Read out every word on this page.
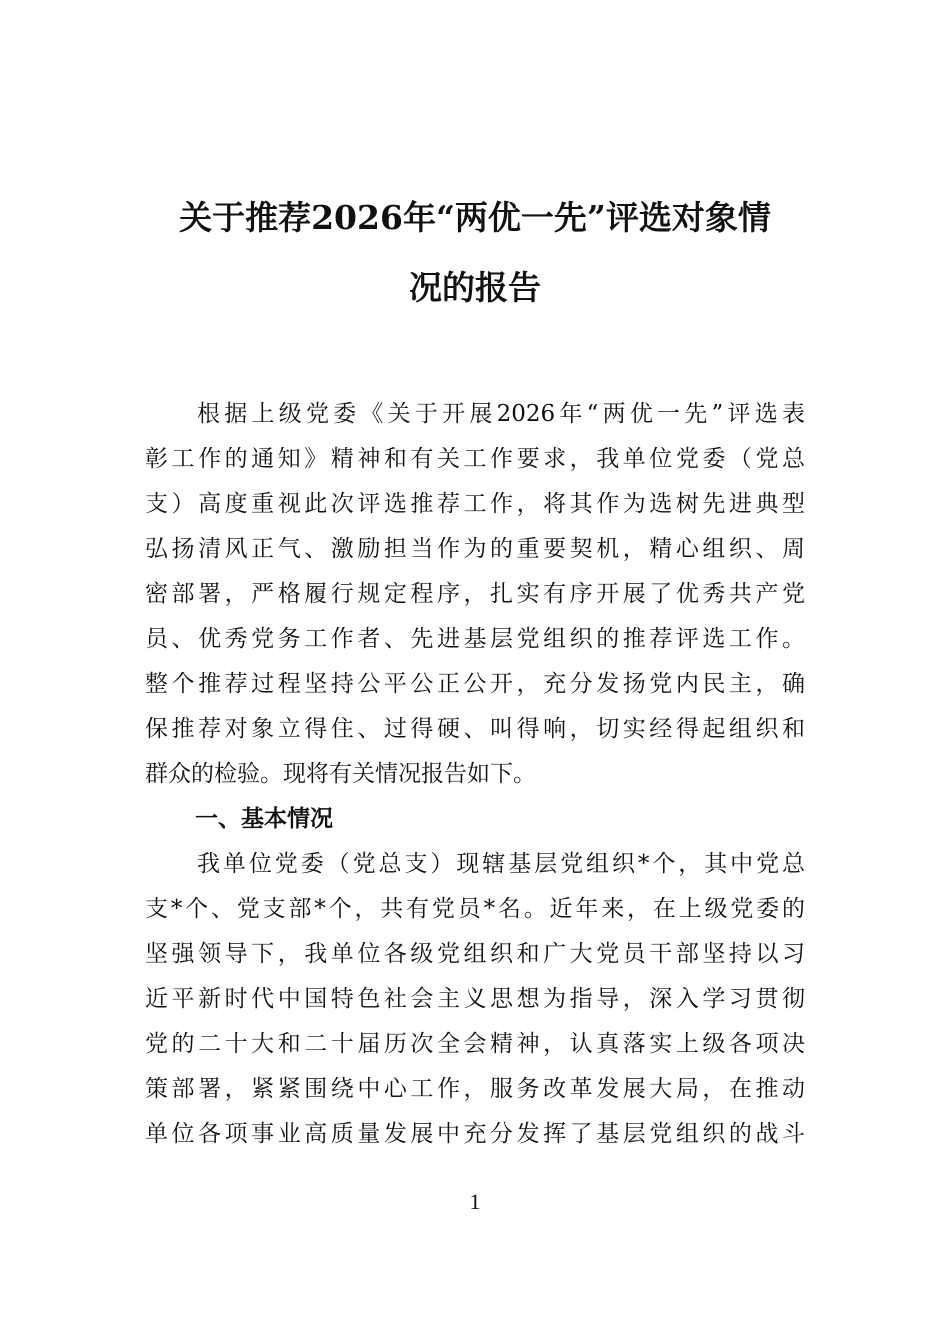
关于推荐2026年“两优一先”评选对象情
况的报告
根据上级党委《关于开展2026年“两优一先”评选表
彰工作的通知》精神和有关工作要求，我单位党委（党总
支）高度重视此次评选推荐工作，将其作为选树先进典型
弘扬清风正气、激励担当作为的重要契机，精心组织、周
密部署，严格履行规定程序，扎实有序开展了优秀共产党
员、优秀党务工作者、先进基层党组织的推荐评选工作。
整个推荐过程坚持公平公正公开，充分发扬党内民主，确
保推荐对象立得住、过得硬、叫得响，切实经得起组织和
群众的检验。现将有关情况报告如下。
一、基本情况
我单位党委（党总支）现辖基层党组织*个，其中党总
支*个、党支部*个，共有党员*名。近年来，在上级党委的
坚强领导下，我单位各级党组织和广大党员干部坚持以习
近平新时代中国特色社会主义思想为指导，深入学习贯彻
党的二十大和二十届历次全会精神，认真落实上级各项决
策部署，紧紧围绕中心工作，服务改革发展大局，在推动
单位各项事业高质量发展中充分发挥了基层党组织的战斗
1
